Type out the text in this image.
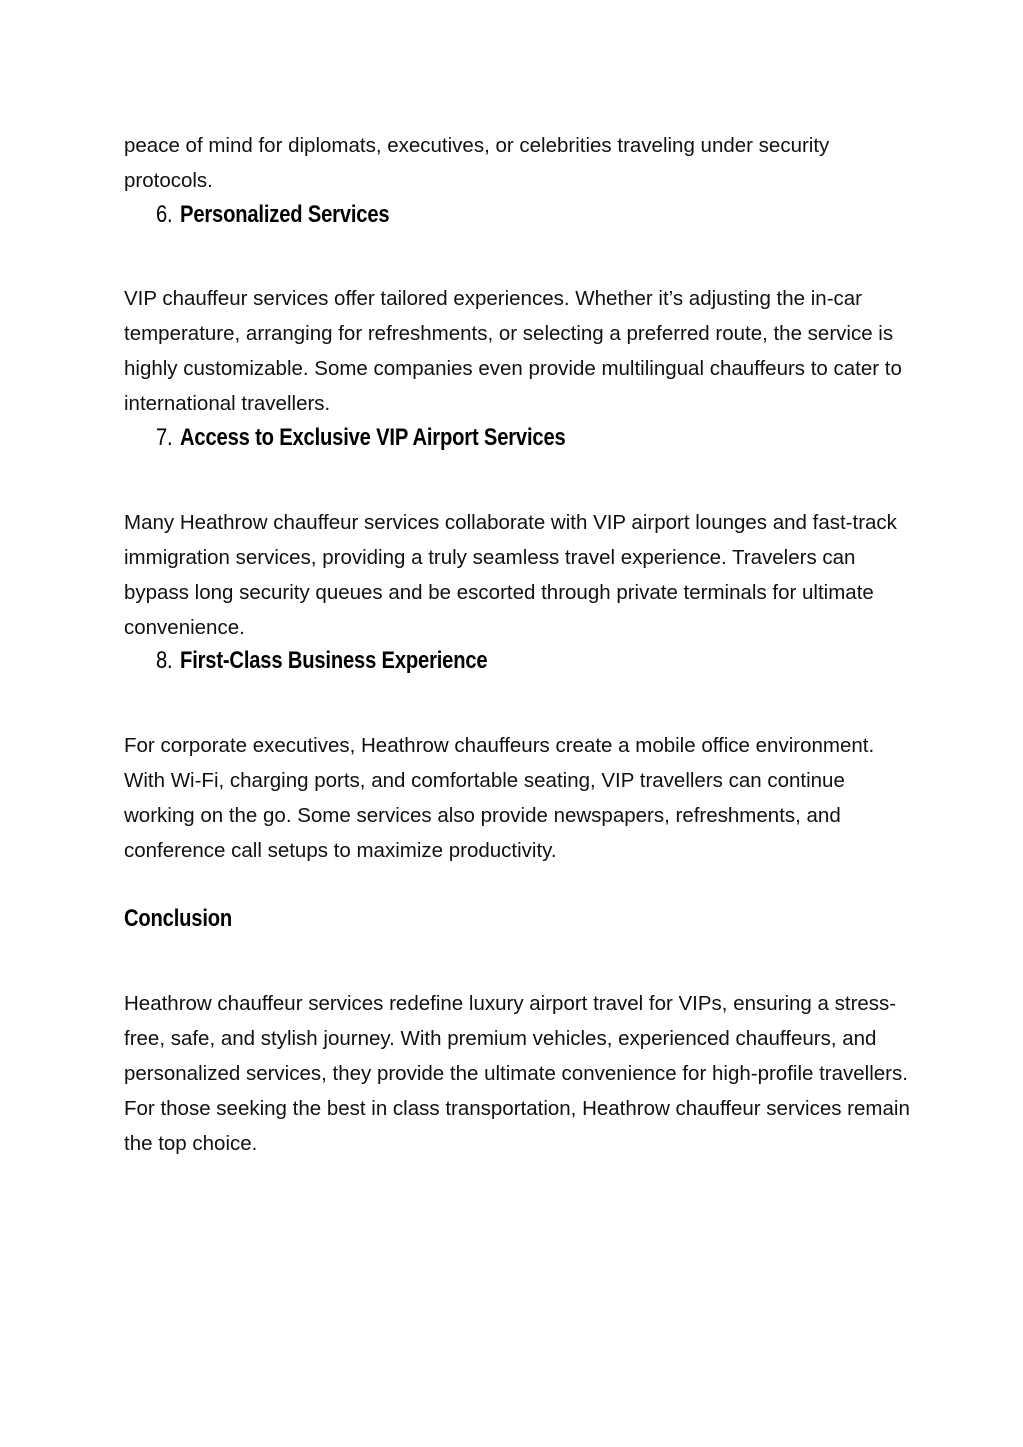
peace of mind for diplomats, executives, or celebrities traveling under security protocols.

6. Personalized Services

VIP chauffeur services offer tailored experiences. Whether it’s adjusting the in-car temperature, arranging for refreshments, or selecting a preferred route, the service is highly customizable. Some companies even provide multilingual chauffeurs to cater to international travellers.

7. Access to Exclusive VIP Airport Services

Many Heathrow chauffeur services collaborate with VIP airport lounges and fast-track immigration services, providing a truly seamless travel experience. Travelers can bypass long security queues and be escorted through private terminals for ultimate convenience.

8. First-Class Business Experience

For corporate executives, Heathrow chauffeurs create a mobile office environment. With Wi-Fi, charging ports, and comfortable seating, VIP travellers can continue working on the go. Some services also provide newspapers, refreshments, and conference call setups to maximize productivity.

Conclusion

Heathrow chauffeur services redefine luxury airport travel for VIPs, ensuring a stress-free, safe, and stylish journey. With premium vehicles, experienced chauffeurs, and personalized services, they provide the ultimate convenience for high-profile travellers. For those seeking the best in class transportation, Heathrow chauffeur services remain the top choice.
